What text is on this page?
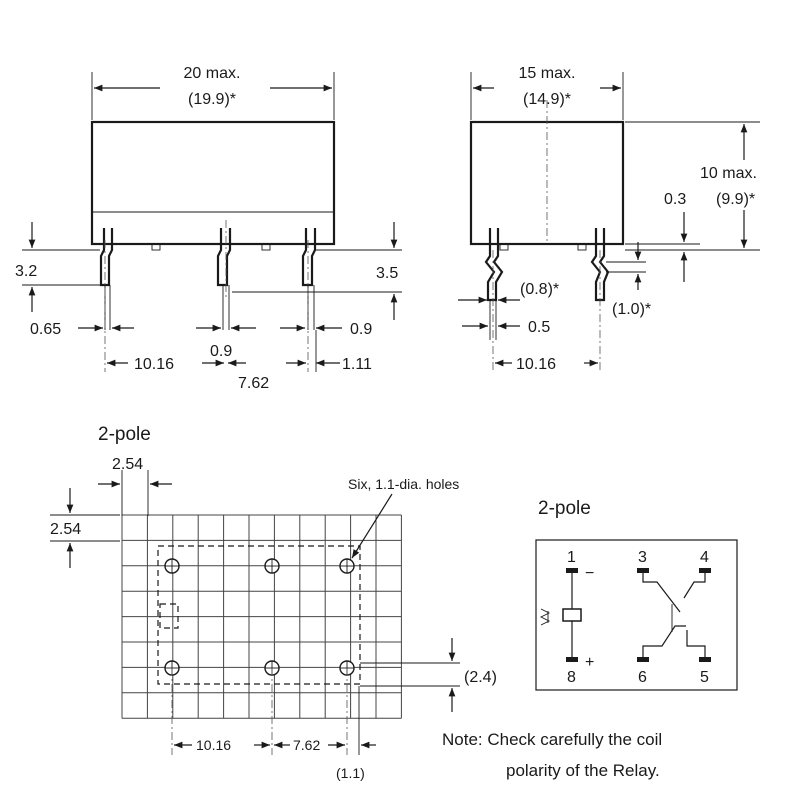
20 max.
(19.9)*
3.2	3.5
0.65
0.9
0.9
10.16
7.62
1.11
15 max.
(14.9)*
10 max.
(9.9)*
0.3
(0.8)*
(1.0)*
0.5
10.16
2-pole
2.54
2.54
Six, 1.1-dia. holes
(2.4)
10.16	7.62
(1.1)
2-pole
−
+
1	3	4
8	6	5
Note: Check carefully the coil
polarity of the Relay.
